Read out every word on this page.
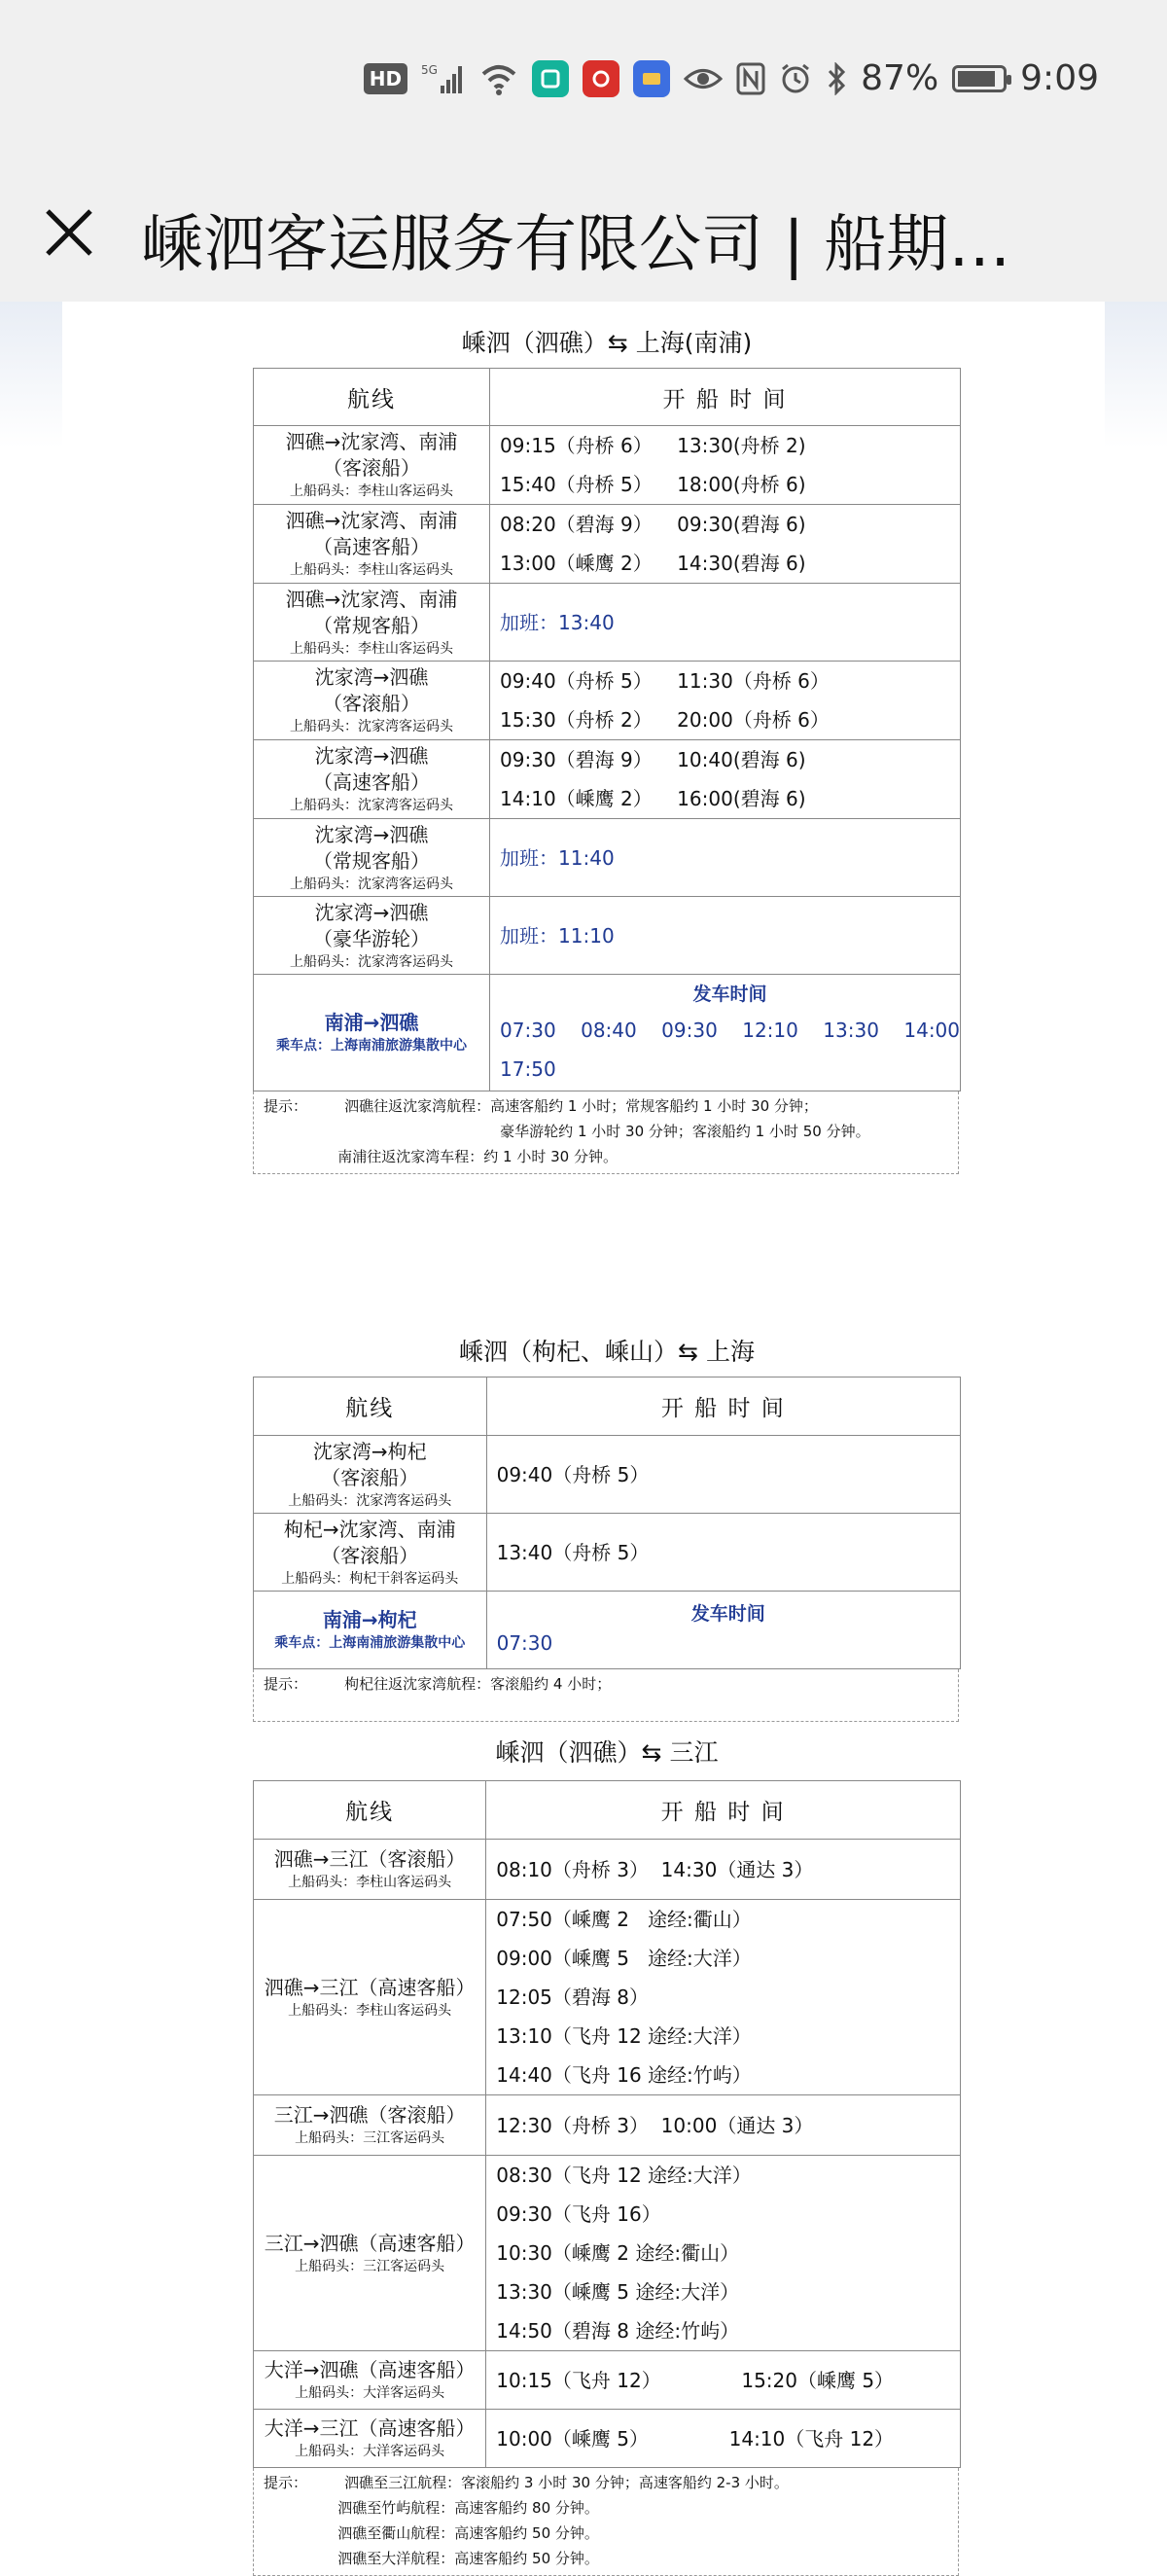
HD	5G	87% 9:09
嵊泗客运服务有限公司 | 船期…
嵊泗（泗礁）⇆ 上海(南浦)
航线	开 船 时 间

泗礁→沈家湾、南浦
（客滚船）
上船码头：李柱山客运码头	09:15（舟桥 6）    13:30(舟桥 2)
15:40（舟桥 5）    18:00(舟桥 6)

泗礁→沈家湾、南浦
（高速客船）
上船码头：李柱山客运码头	08:20（碧海 9）    09:30(碧海 6)
13:00（嵊鹰 2）    14:30(碧海 6)

泗礁→沈家湾、南浦
（常规客船）
上船码头：李柱山客运码头	加班：13:40

沈家湾→泗礁
（客滚船）
上船码头：沈家湾客运码头	09:40（舟桥 5）    11:30（舟桥 6）
15:30（舟桥 2）    20:00（舟桥 6）

沈家湾→泗礁
（高速客船）
上船码头：沈家湾客运码头	09:30（碧海 9）    10:40(碧海 6)
14:10（嵊鹰 2）    16:00(碧海 6)

沈家湾→泗礁
（常规客船）
上船码头：沈家湾客运码头	加班：11:40

沈家湾→泗礁
（豪华游轮）
上船码头：沈家湾客运码头	加班：11:10

南浦→泗礁
乘车点：上海南浦旅游集散中心	发车时间
07:30    08:40    09:30    12:10    13:30    14:00
17:50
提示：        泗礁往返沈家湾航程：高速客船约 1 小时；常规客船约 1 小时 30 分钟；
豪华游轮约 1 小时 30 分钟；客滚船约 1 小时 50 分钟。
南浦往返沈家湾车程：约 1 小时 30 分钟。
嵊泗（枸杞、嵊山）⇆ 上海
航线	开 船 时 间

沈家湾→枸杞
（客滚船）
上船码头：沈家湾客运码头	09:40（舟桥 5）

枸杞→沈家湾、南浦
（客滚船）
上船码头：枸杞干斜客运码头	13:40（舟桥 5）

南浦→枸杞
乘车点：上海南浦旅游集散中心	发车时间
07:30
提示：        枸杞往返沈家湾航程：客滚船约 4 小时；
嵊泗（泗礁）⇆ 三江
航线	开 船 时 间

泗礁→三江（客滚船）
上船码头：李柱山客运码头	08:10（舟桥 3）  14:30（通达 3）

泗礁→三江（高速客船）
上船码头：李柱山客运码头	07:50（嵊鹰 2   途经:衢山）
09:00（嵊鹰 5   途经:大洋）
12:05（碧海 8）
13:10（飞舟 12 途经:大洋）
14:40（飞舟 16 途经:竹屿）

三江→泗礁（客滚船）
上船码头：三江客运码头	12:30（舟桥 3）  10:00（通达 3）

三江→泗礁（高速客船）
上船码头：三江客运码头	08:30（飞舟 12 途经:大洋）
09:30（飞舟 16）
10:30（嵊鹰 2 途经:衢山）
13:30（嵊鹰 5 途经:大洋）
14:50（碧海 8 途经:竹屿）

大洋→泗礁（高速客船）
上船码头：大洋客运码头	10:15（飞舟 12）             15:20（嵊鹰 5）

大洋→三江（高速客船）
上船码头：大洋客运码头	10:00（嵊鹰 5）             14:10（飞舟 12）
提示：        泗礁至三江航程：客滚船约 3 小时 30 分钟；高速客船约 2-3 小时。
泗礁至竹屿航程：高速客船约 80 分钟。
泗礁至衢山航程：高速客船约 50 分钟。
泗礁至大洋航程：高速客船约 50 分钟。
